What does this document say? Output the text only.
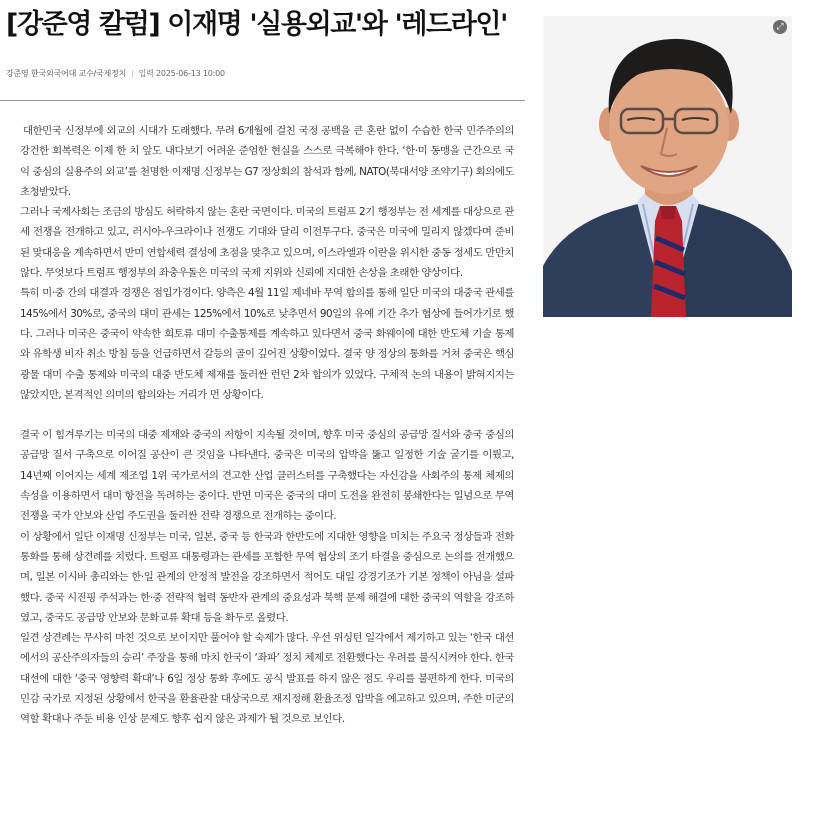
[강준영 칼럼] 이재명 '실용외교'와 '레드라인'
강준영 한국외국어대 교수/국제정치 | 입력 2025-06-13 10:00

대한민국 신정부에 외교의 시대가 도래했다. 무려 6개월에 걸친 국정 공백을 큰 혼란 없이 수습한 한국 민주주의의 강건한 회복력은 이제 한 치 앞도 내다보기 어려운 준엄한 현실을 스스로 극복해야 한다. ‘한·미 동맹을 근간으로 국익 중심의 실용주의 외교’를 천명한 이재명 신정부는 G7 정상회의 참석과 함께, NATO(북대서양 조약기구) 회의에도 초청받았다.

그러나 국제사회는 조금의 방심도 허락하지 않는 혼란 국면이다. 미국의 트럼프 2기 행정부는 전 세계를 대상으로 관세 전쟁을 전개하고 있고, 러시아-우크라이나 전쟁도 기대와 달리 이전투구다. 중국은 미국에 밀리지 않겠다며 준비된 맞대응을 계속하면서 반미 연합세력 결성에 초점을 맞추고 있으며, 이스라엘과 이란을 위시한 중동 정세도 만만치 않다. 무엇보다 트럼프 행정부의 좌충우돌은 미국의 국제 지위와 신뢰에 지대한 손상을 초래한 양상이다.

특히 미·중 간의 대결과 경쟁은 점입가경이다. 양측은 4월 11일 제네바 무역 합의를 통해 일단 미국의 대중국 관세를 145%에서 30%로, 중국의 대미 관세는 125%에서 10%로 낮추면서 90일의 유예 기간 추가 협상에 들어가기로 했다. 그러나 미국은 중국이 약속한 희토류 대미 수출통제를 계속하고 있다면서 중국 화웨이에 대한 반도체 기술 통제와 유학생 비자 취소 방침 등을 언급하면서 갈등의 골이 깊어진 상황이었다. 결국 양 정상의 통화를 거쳐 중국은 핵심 광물 대미 수출 통제와 미국의 대중 반도체 제재를 둘러싼 런던 2차 합의가 있었다. 구체적 논의 내용이 밝혀지지는 않았지만, 본격적인 의미의 합의와는 거리가 먼 상황이다.

결국 이 힘겨루기는 미국의 대중 제재와 중국의 저항이 지속될 것이며, 향후 미국 중심의 공급망 질서와 중국 중심의 공급망 질서 구축으로 이어질 공산이 큰 것임을 나타낸다. 중국은 미국의 압박을 뚫고 일정한 기술 굴기를 이뤘고, 14년째 이어지는 세계 제조업 1위 국가로서의 견고한 산업 클러스터를 구축했다는 자신감을 사회주의 통제 체제의 속성을 이용하면서 대미 항전을 독려하는 중이다. 반면 미국은 중국의 대미 도전을 완전히 봉쇄한다는 일념으로 무역 전쟁을 국가 안보와 산업 주도권을 둘러싼 전략 경쟁으로 전개하는 중이다.

이 상황에서 일단 이재명 신정부는 미국, 일본, 중국 등 한국과 한반도에 지대한 영향을 미치는 주요국 정상들과 전화 통화를 통해 상견례를 치렀다. 트럼프 대통령과는 관세를 포함한 무역 협상의 조기 타결을 중심으로 논의를 전개했으며, 일본 이시바 총리와는 한·일 관계의 안정적 발전을 강조하면서 적어도 대일 강경기조가 기본 정책이 아님을 설파했다. 중국 시진핑 주석과는 한·중 전략적 협력 동반자 관계의 중요성과 북핵 문제 해결에 대한 중국의 역할을 강조하였고, 중국도 공급망 안보와 문화교류 확대 등을 화두로 올렸다.

일견 상견례는 무사히 마친 것으로 보이지만 풀어야 할 숙제가 많다. 우선 위싱턴 일각에서 제기하고 있는 ‘한국 대선에서의 공산주의자들의 승리’ 주장을 통해 마치 한국이 ‘좌파’ 정치 체제로 전환했다는 우려를 불식시켜야 한다. 한국 대선에 대한 ‘중국 영향력 확대’나 6일 정상 통화 후에도 공식 발표를 하지 않은 점도 우리를 불편하게 한다. 미국의 민감 국가로 지정된 상황에서 한국을 환율관찰 대상국으로 재지정해 환율조정 압박을 예고하고 있으며, 주한 미군의 역할 확대나 주둔 비용 인상 문제도 향후 쉽지 않은 과제가 될 것으로 보인다.

⤢
